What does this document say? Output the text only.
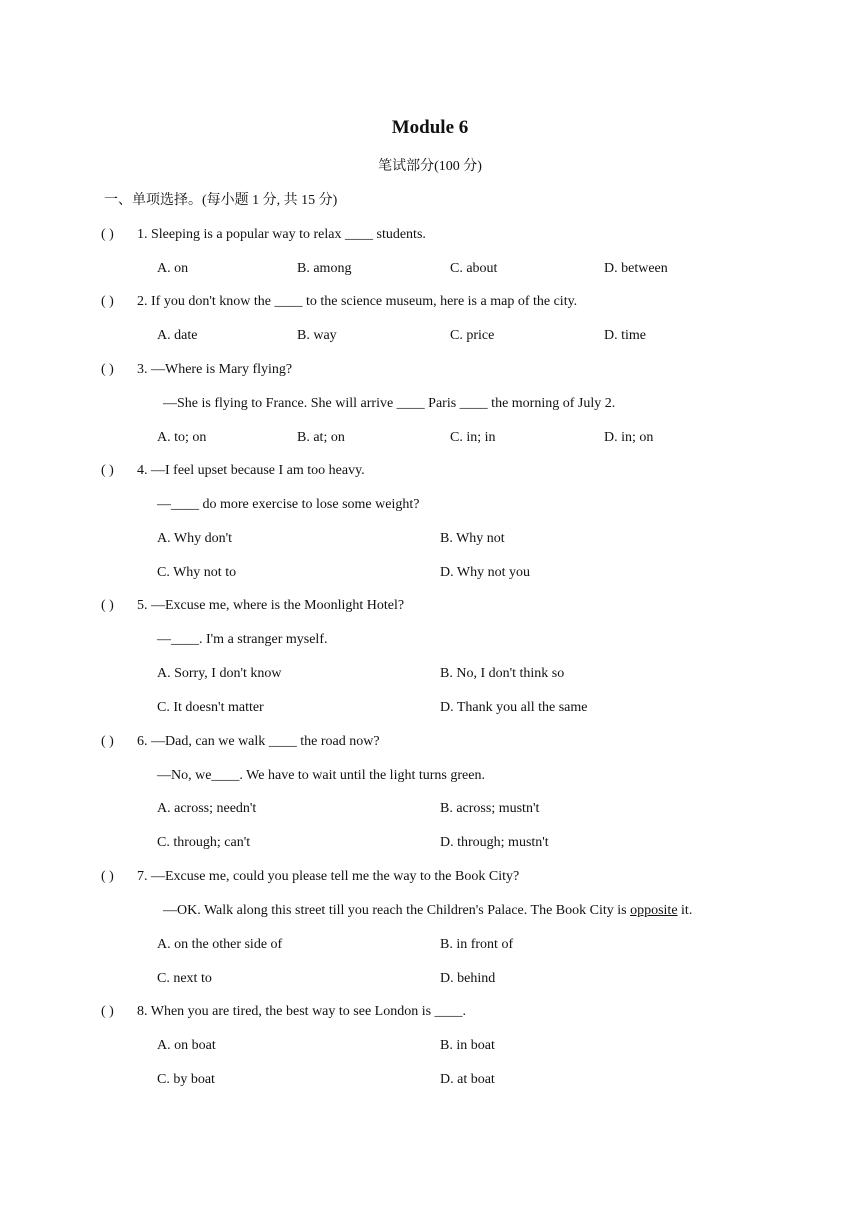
Module 6
笔试部分(100 分)
一、单项选择。(每小题 1 分, 共 15 分)
( ) 1. Sleeping is a popular way to relax ____ students.
A. on	B. among	C. about	D. between
( ) 2. If you don't know the ____ to the science museum, here is a map of the city.
A. date	B. way	C. price	D. time
( ) 3. —Where is Mary flying?
—She is flying to France. She will arrive ____ Paris ____ the morning of July 2.
A. to; on	B. at; on	C. in; in	D. in; on
( ) 4. —I feel upset because I am too heavy.
—____ do more exercise to lose some weight?
A. Why don't	B. Why not
C. Why not to	D. Why not you
( ) 5. —Excuse me, where is the Moonlight Hotel?
—____. I'm a stranger myself.
A. Sorry, I don't know	B. No, I don't think so
C. It doesn't matter	D. Thank you all the same
( ) 6. —Dad, can we walk ____ the road now?
—No, we____. We have to wait until the light turns green.
A. across; needn't	B. across; mustn't
C. through; can't	D. through; mustn't
( ) 7. —Excuse me, could you please tell me the way to the Book City?
—OK. Walk along this street till you reach the Children's Palace. The Book City is opposite it.
A. on the other side of	B. in front of
C. next to	D. behind
( ) 8. When you are tired, the best way to see London is ____.
A. on boat	B. in boat
C. by boat	D. at boat
